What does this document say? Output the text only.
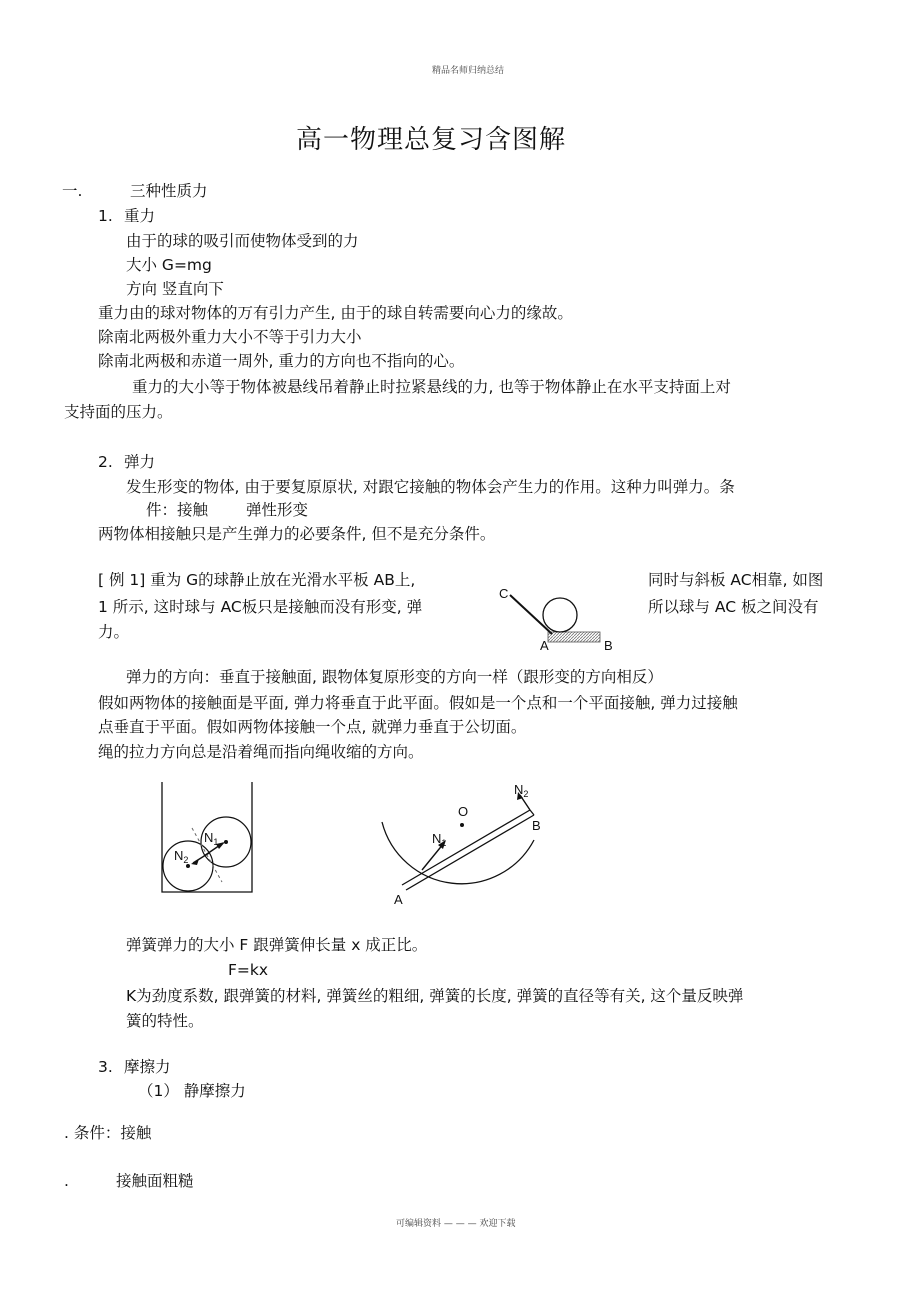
精品名师归纳总结
高一物理总复习含图解
一.	三种性质力
1. 重力
由于的球的吸引而使物体受到的力
大小 G=mg
方向 竖直向下
重力由的球对物体的万有引力产生, 由于的球自转需要向心力的缘故。
除南北两极外重力大小不等于引力大小
除南北两极和赤道一周外, 重力的方向也不指向的心。
重力的大小等于物体被悬线吊着静止时拉紧悬线的力, 也等于物体静止在水平支持面上对
支持面的压力。
2. 弹力
发生形变的物体, 由于要复原原状, 对跟它接触的物体会产生力的作用。这种力叫弹力。条
件：接触 弹性形变
两物体相接触只是产生弹力的必要条件, 但不是充分条件。
[ 例 1] 重为 G的球静止放在光滑水平板 AB上,	同时与斜板 AC相靠, 如图
1 所示, 这时球与 AC板只是接触而没有形变, 弹	所以球与 AC 板之间没有
力。
C
A	B
弹力的方向：垂直于接触面, 跟物体复原形变的方向一样（跟形变的方向相反）
假如两物体的接触面是平面, 弹力将垂直于此平面。假如是一个点和一个平面接触, 弹力过接触
点垂直于平面。假如两物体接触一个点, 就弹力垂直于公切面。
绳的拉力方向总是沿着绳而指向绳收缩的方向。
$N_1$
$N_2$
O
$N_1$
$N_2$
B
A
弹簧弹力的大小 F 跟弹簧伸长量 x 成正比。
F=kx
K为劲度系数, 跟弹簧的材料, 弹簧丝的粗细, 弹簧的长度, 弹簧的直径等有关, 这个量反映弹
簧的特性。
3. 摩擦力
（1） 静摩擦力
. 条件：接触
.	接触面粗糙
可编辑资料 — — — 欢迎下载
